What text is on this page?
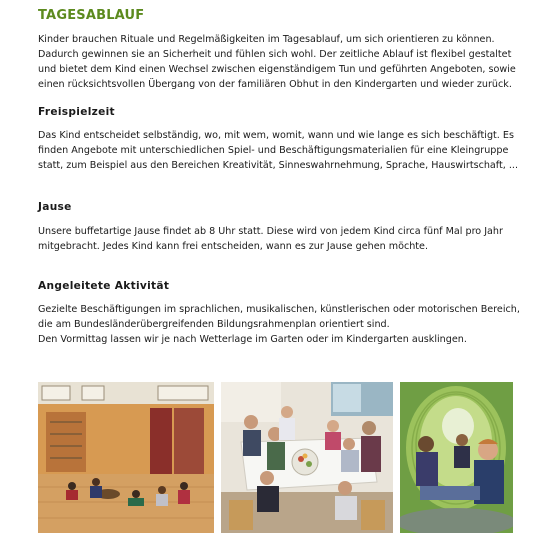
TAGESABLAUF
Kinder brauchen Rituale und Regelmäßigkeiten im Tagesablauf, um sich orientieren zu können.
Dadurch gewinnen sie an Sicherheit und fühlen sich wohl. Der zeitliche Ablauf ist flexibel gestaltet
und bietet dem Kind einen Wechsel zwischen eigenständigem Tun und geführten Angeboten, sowie
einen rücksichtsvollen Übergang von der familiären Obhut in den Kindergarten und wieder zurück.
Freispielzeit
Das Kind entscheidet selbständig, wo, mit wem, womit, wann und wie lange es sich beschäftigt. Es
finden Angebote mit unterschiedlichen Spiel- und Beschäftigungsmaterialien für eine Kleingruppe
statt, zum Beispiel aus den Bereichen Kreativität, Sinneswahrnehmung, Sprache, Hauswirtschaft, ...
Jause
Unsere buffetartige Jause findet ab 8 Uhr statt. Diese wird von jedem Kind circa fünf Mal pro Jahr
mitgebracht. Jedes Kind kann frei entscheiden, wann es zur Jause gehen möchte.
Angeleitete Aktivität
Gezielte Beschäftigungen im sprachlichen, musikalischen, künstlerischen oder motorischen Bereich,
die am Bundesländerübergreifenden Bildungsrahmenplan orientiert sind.
Den Vormittag lassen wir je nach Wetterlage im Garten oder im Kindergarten ausklingen.
